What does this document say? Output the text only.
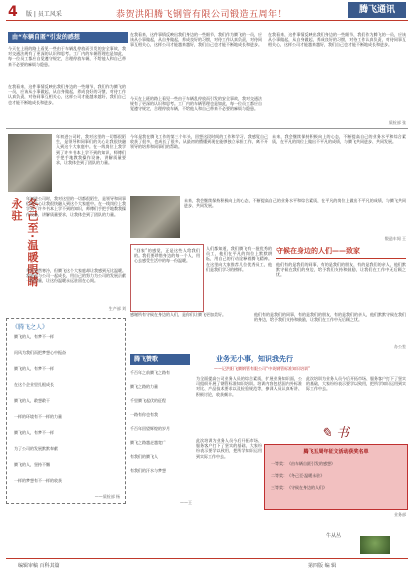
4 版 | 员工风采	恭贺洪阳腾飞钢管有限公司锻造五周年！	腾飞通讯
由“车辆自匿”引发的感想
今天在上班的路上看见一些由于车辆乱停放而引发的安全事故，我对交通法规有了更深的认识和思考。工厂内的车辆管理也是如此，每一位员工都应自觉遵守规定，合理停放车辆，不给他人和自己带来不必要的麻烦与隐患。
在我看来，这件事情反映出我们身边的一些细节，我们作为腾飞的一员，应该从小事做起，从自身做起，养成良好的习惯，对待工作认真负责，对待同事互相关心，这样公司才能越来越好，我们自己也才能不断地成长和进步。
在我看来，这件事情反映出我们身边的一些细节，我们作为腾飞的一员，应该从小事做起，从自身做起，养成良好的习惯，对待工作认真负责，对待同事互相关心，这样公司才能越来越好，我们自己也才能不断地成长和进步。
今天在上班的路上看见一些由于车辆乱停放而引发的安全事故，我对交通法规有了更深的认识和思考。工厂内的车辆管理也是如此，每一位员工都应自觉遵守规定，合理停放车辆，不给他人和自己带来不必要的麻烦与隐患。
在我看来，这件事情反映出我们身边的一些细节，我们作为腾飞的一员，应该从小事做起，从自身做起，养成良好的习惯，对待工作认真负责，对待同事互相关心，这样公司才能越来越好，我们自己也才能不断地成长和进步。
质检部 张
年初进公司时，我对这里的一切都很陌生，是领导和同事们的关心让我很快融入到这个大家庭中。在一线岗位上我学到了许多书本上学不到的知识，师傅们手把手地教我操作设备，讲解质量要求，让我体会到了团队的力量。
冬己至·温暖眼睛永驻 年初进公司时，我对这里的一切都很陌生，是领导和同事们的关心让我很快融入到这个大家庭中。在一线岗位上我学到了许多书本上学不到的知识，师傅们手把手地教我操作设备，讲解质量要求，让我体会到了团队的力量。
冬天虽然寒冷，但腾飞这个大家庭却让我感到无比温暖。我愿意与公司一起成长，用自己的努力为公司的发展贡献一份力量，让这份温暖永远驻留在心间。
生产部 刘
今年是我在腾飞工作的第三个年头，回想这段时间的工作和学习，我感觉自己收获了很多，也成长了很多。从最初的懵懂到现在能够独立承担工作，离不开领导的培养和同事们的帮助。
未来，我会继续保持积极向上的心态，不断提高自己的业务水平和综合素质，在平凡的岗位上做出不平凡的成绩，与腾飞共同进步、共同发展。
未来，我会继续保持积极向上的心态，不断提高自己的业务水平和综合素质，在平凡的岗位上做出不平凡的成绩，与腾飞共同进步、共同发展。
锻造车间 王
“回家”的感觉，正是这些人给我们的。我们要珍惜身边的每一个人，用心去感受生活中的每一份温暖。
人们都知道，我们腾飞有一批优秀的员工，他们在平凡的岗位上默默耕耘，用自己的行动诠释着腾飞精神。在这里向大家推荐几位优秀员工，他们是我们学习的榜样。
守候在身边的人们——致家
他们有的是我们的同事，有的是我们的朋友，有的是我们的亲人，他们默默守候在我们的身边，给予我们支持和鼓励，让我们在工作中无后顾之忧。
感谢所有守候在身边的人们，是你们让腾飞更加美好。	他们有的是我们的同事，有的是我们的朋友，有的是我们的亲人，他们默默守候在我们的身边，给予我们支持和鼓励，让我们在工作中无后顾之忧。
办公室
《腾飞之人》
腾飞的人，有梦不一样
问风为我们而把梦想心中振奋
腾飞的人，有梦不一样
在这个企业里扎根成长
腾飞的人，敢想敢干
一样的环境有不一样的力量
腾飞的人，有梦不一样
为了公司的发展默默奉献
腾飞的人，坚持不懈
一样的梦想有不一样的收获
——质检部 杨
腾飞赞歌
千百年之前腾飞之路有
腾飞之路的力量
千里腾飞起伏的征程
一路有你也有我
千百年回望辉煌的岁月
腾飞之路越走越宽广
有我们的腾飞人
有我们的汗水与梦想
——王
业务无小事，知识我先行
——记洪阳飞腾钢管有限公司“中英钢管标准知识培训”
为全面提高公司业务人员的综合素质，扩展业务知识面，公司组织开展了钢管标准知识培训。培训内容包括国内外标准对比、产品技术要求以及检验规范等，参训人员认真听讲、积极讨论，收获颇丰。
此次培训为业务人员今后开拓市场、服务客户打下了坚实的基础，大家纷纷表示要学以致用，把所学知识运用到实际工作中去。
此次培训为业务人员今后开拓市场、服务客户打下了坚实的基础，大家纷纷表示要学以致用，把所学知识运用到实际工作中去。
✎ 书
腾飞五周年征文活动获奖名单
一等奖：《由车辆自匿引发的感想》
二等奖：《冬己至·温暖永驻》
三等奖：《守候在身边的人们》
业务部
编辑审稿 百科其篇
牛从丛
第四版 编 辑
